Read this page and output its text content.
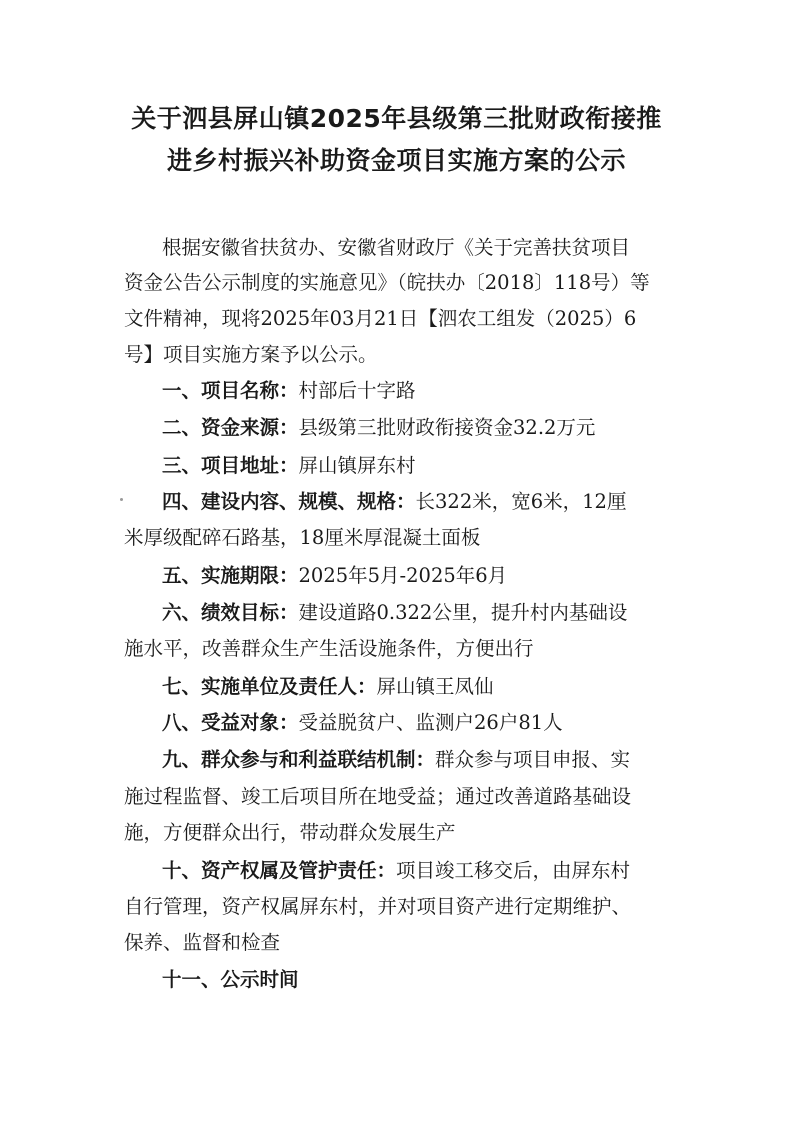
关于泗县屏山镇2025年县级第三批财政衔接推
进乡村振兴补助资金项目实施方案的公示

根据安徽省扶贫办、安徽省财政厅《关于完善扶贫项目

资金公告公示制度的实施意见》（皖扶办〔2018〕118号）等

文件精神，现将2025年03月21日【泗农工组发（2025）6

号】项目实施方案予以公示。

一、项目名称：村部后十字路

二、资金来源：县级第三批财政衔接资金32.2万元

三、项目地址：屏山镇屏东村

四、建设内容、规模、规格：长322米，宽6米，12厘

米厚级配碎石路基，18厘米厚混凝土面板

五、实施期限：2025年5月-2025年6月

六、绩效目标：建设道路0.322公里，提升村内基础设

施水平，改善群众生产生活设施条件，方便出行

七、实施单位及责任人：屏山镇王凤仙

八、受益对象：受益脱贫户、监测户26户81人

九、群众参与和利益联结机制：群众参与项目申报、实

施过程监督、竣工后项目所在地受益；通过改善道路基础设

施，方便群众出行，带动群众发展生产

十、资产权属及管护责任：项目竣工移交后，由屏东村

自行管理，资产权属屏东村，并对项目资产进行定期维护、

保养、监督和检查

十一、公示时间
